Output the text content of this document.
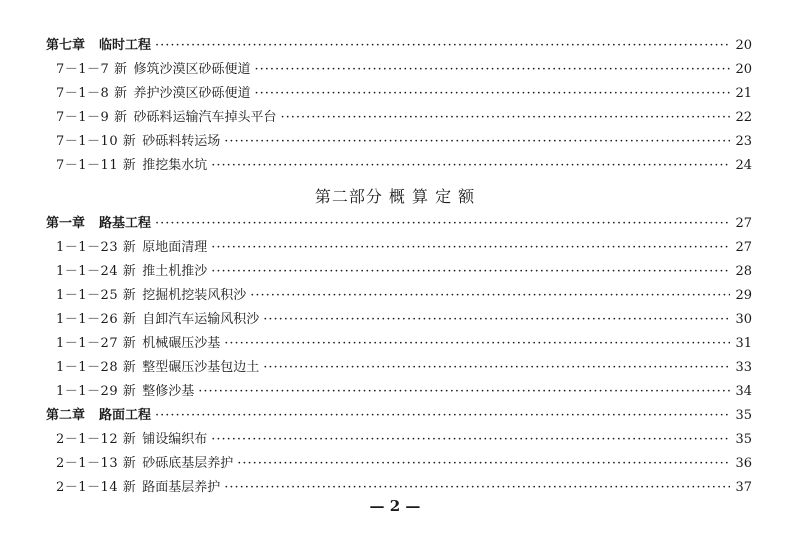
第七章 临时工程 ·····	20
7－1－7 新 修筑沙漠区砂砾便道 ·····	20
7－1－8 新 养护沙漠区砂砾便道 ·····	21
7－1－9 新 砂砾料运输汽车掉头平台 ·····	22
7－1－10 新 砂砾料转运场 ·····	23
7－1－11 新 推挖集水坑 ·····	24
第二部分 概 算 定 额
第一章 路基工程 ·····	27
1－1－23 新 原地面清理 ·····	27
1－1－24 新 推土机推沙 ·····	28
1－1－25 新 挖掘机挖装风积沙 ·····	29
1－1－26 新 自卸汽车运输风积沙 ·····	30
1－1－27 新 机械碾压沙基 ·····	31
1－1－28 新 整型碾压沙基包边土 ·····	33
1－1－29 新 整修沙基 ·····	34
第二章 路面工程 ·····	35
2－1－12 新 铺设编织布 ·····	35
2－1－13 新 砂砾底基层养护 ·····	36
2－1－14 新 路面基层养护 ·····	37
— 2 —
